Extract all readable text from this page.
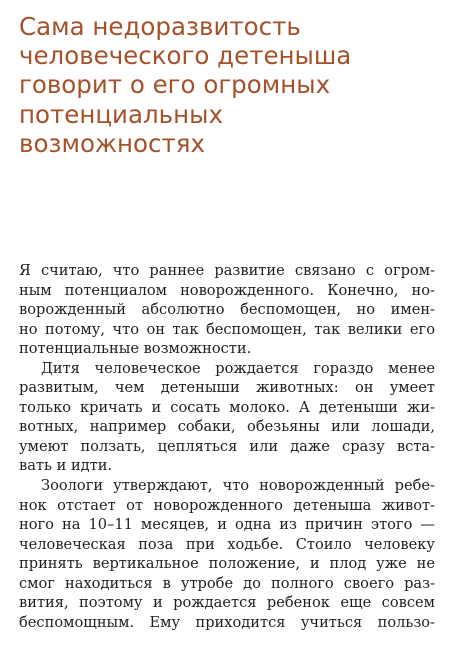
Сама недоразвитость
человеческого детеныша
говорит о его огромных
потенциальных
возможностях

Я считаю, что раннее развитие связано с огром-
ным потенциалом новорожденного. Конечно, но-
ворожденный абсолютно беспомощен, но имен-
но потому, что он так беспомощен, так велики его
потенциальные возможности.

Дитя человеческое рождается гораздо менее
развитым, чем детеныши животных: он умеет
только кричать и сосать молоко. А детеныши жи-
вотных, например собаки, обезьяны или лошади,
умеют ползать, цепляться или даже сразу вста-
вать и идти.

Зоологи утверждают, что новорожденный ребе-
нок отстает от новорожденного детеныша живот-
ного на 10–11 месяцев, и одна из причин этого —
человеческая поза при ходьбе. Стоило человеку
принять вертикальное положение, и плод уже не
смог находиться в утробе до полного своего раз-
вития, поэтому и рождается ребенок еще совсем
беспомощным. Ему приходится учиться пользо-
